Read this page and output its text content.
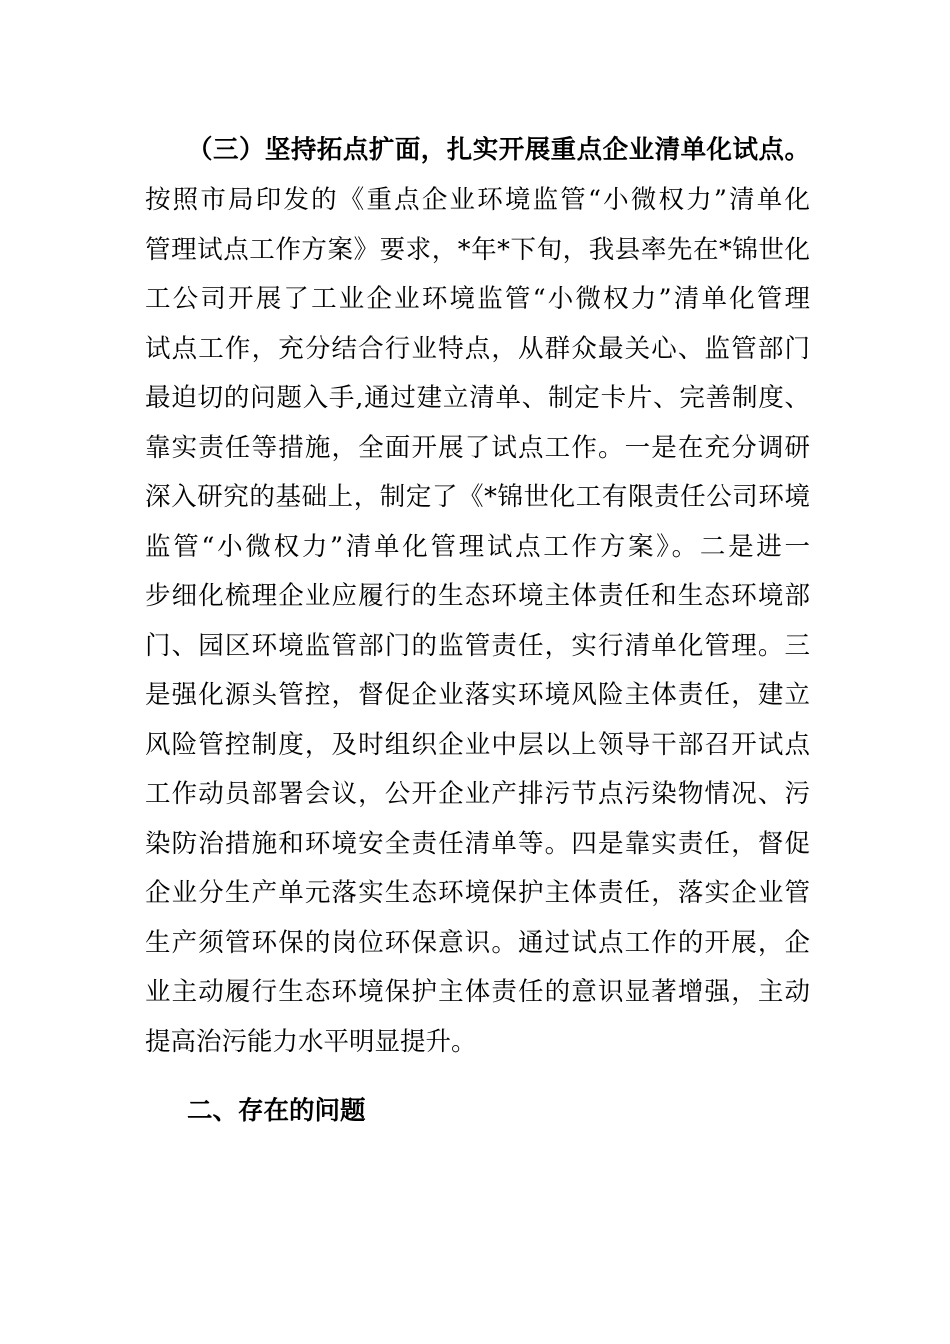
（三）坚持拓点扩面，扎实开展重点企业清单化试点。
按照市局印发的《重点企业环境监管“小微权力”清单化
管理试点工作方案》要求，*年*下旬，我县率先在*锦世化
工公司开展了工业企业环境监管“小微权力”清单化管理
试点工作，充分结合行业特点，从群众最关心、监管部门
最迫切的问题入手,通过建立清单、制定卡片、完善制度、
靠实责任等措施，全面开展了试点工作。一是在充分调研
深入研究的基础上，制定了《*锦世化工有限责任公司环境
监管“小微权力”清单化管理试点工作方案》。二是进一
步细化梳理企业应履行的生态环境主体责任和生态环境部
门、园区环境监管部门的监管责任，实行清单化管理。三
是强化源头管控，督促企业落实环境风险主体责任，建立
风险管控制度，及时组织企业中层以上领导干部召开试点
工作动员部署会议，公开企业产排污节点污染物情况、污
染防治措施和环境安全责任清单等。四是靠实责任，督促
企业分生产单元落实生态环境保护主体责任，落实企业管
生产须管环保的岗位环保意识。通过试点工作的开展，企
业主动履行生态环境保护主体责任的意识显著增强，主动
提高治污能力水平明显提升。
二、存在的问题
